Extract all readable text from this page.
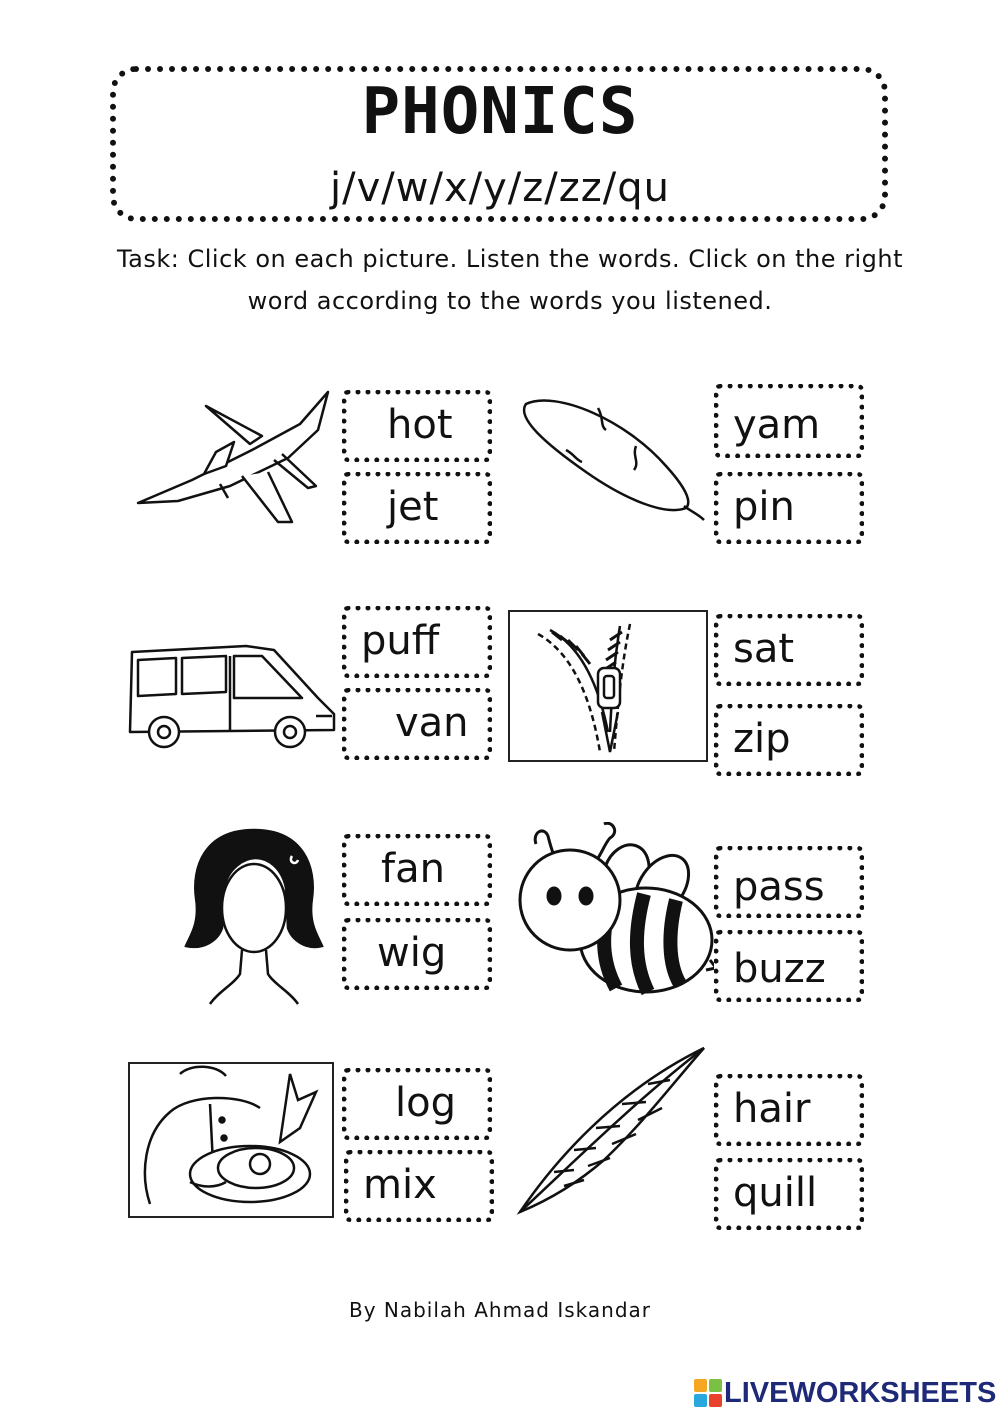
PHONICS

j/v/w/x/y/z/zz/qu

Task: Click on each picture. Listen the words. Click on the right word according to the words you listened.

hot
jet
yam
pin
puff
van
sat
zip
fan
wig
pass
buzz
log
mix
hair
quill

By Nabilah Ahmad Iskandar

LIVEWORKSHEETS
